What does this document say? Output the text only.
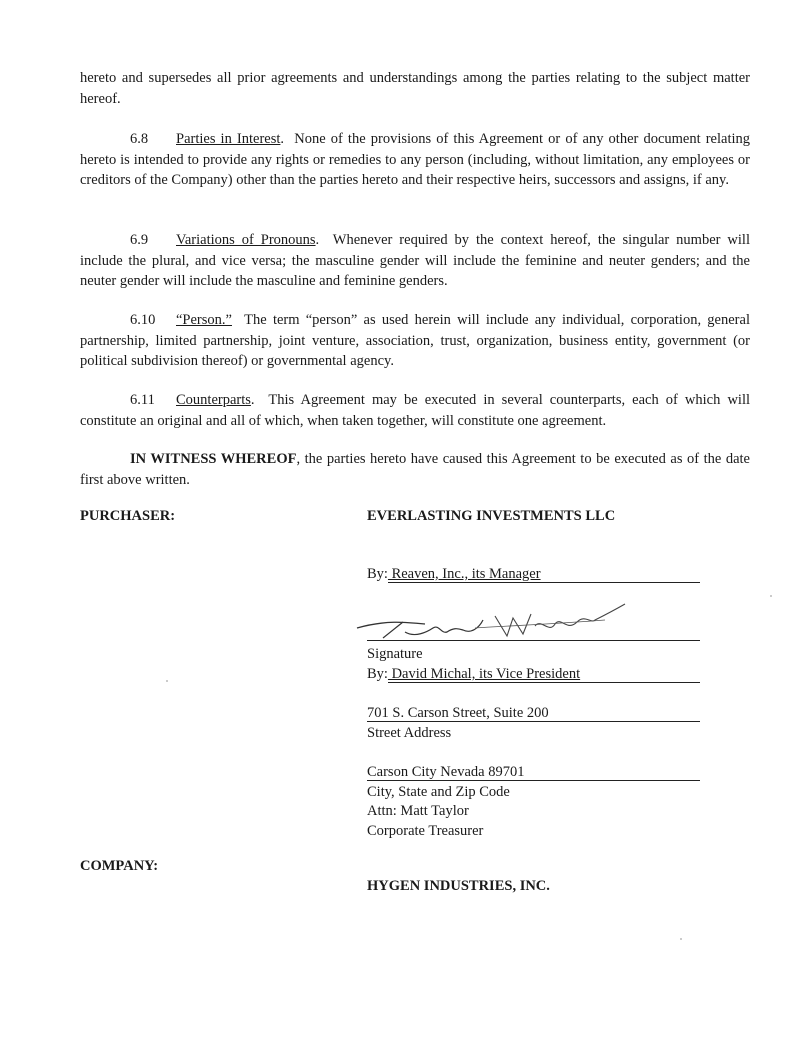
hereto and supersedes all prior agreements and understandings among the parties relating to the subject matter hereof.

6.8 Parties in Interest. None of the provisions of this Agreement or of any other document relating hereto is intended to provide any rights or remedies to any person (including, without limitation, any employees or creditors of the Company) other than the parties hereto and their respective heirs, successors and assigns, if any.

6.9 Variations of Pronouns. Whenever required by the context hereof, the singular number will include the plural, and vice versa; the masculine gender will include the feminine and neuter genders; and the neuter gender will include the masculine and feminine genders.

6.10 “Person.” The term “person” as used herein will include any individual, corporation, general partnership, limited partnership, joint venture, association, trust, organization, business entity, government (or political subdivision thereof) or governmental agency.

6.11 Counterparts. This Agreement may be executed in several counterparts, each of which will constitute an original and all of which, when taken together, will constitute one agreement.

IN WITNESS WHEREOF, the parties hereto have caused this Agreement to be executed as of the date first above written.

PURCHASER:	EVERLASTING INVESTMENTS LLC
By: Reaven, Inc., its Manager
Signature
By: David Michal, its Vice President
701 S. Carson Street, Suite 200
Street Address
Carson City Nevada 89701
City, State and Zip Code
Attn: Matt Taylor
Corporate Treasurer
COMPANY:
HYGEN INDUSTRIES, INC.
